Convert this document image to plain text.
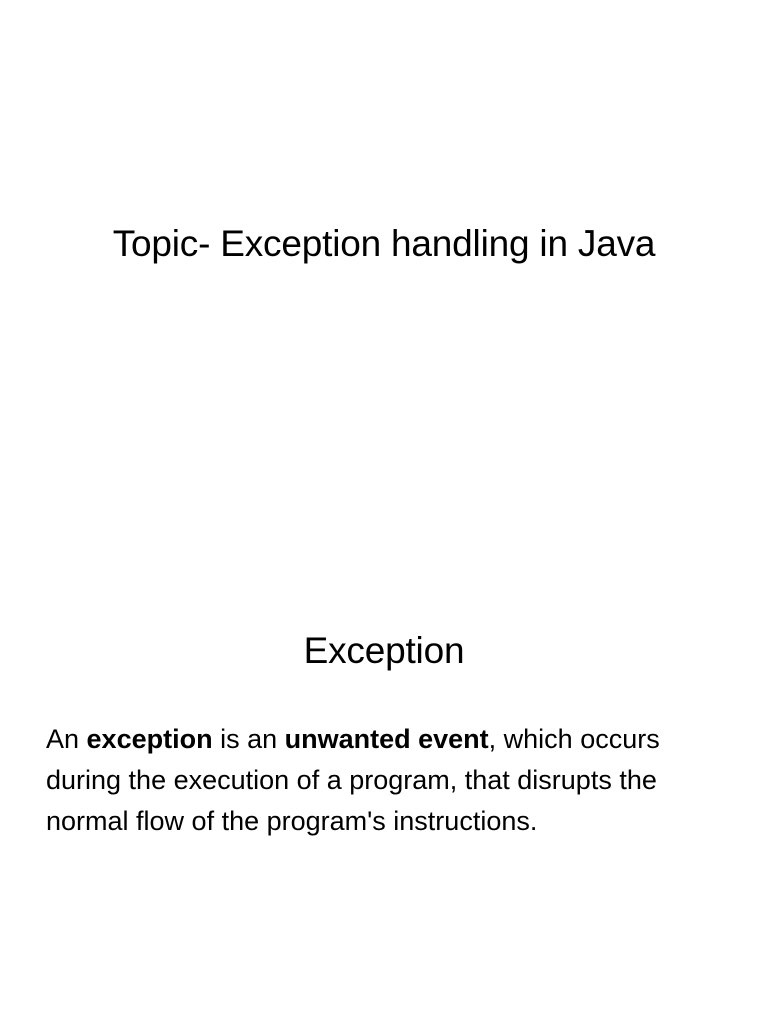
Topic- Exception handling in Java
Exception
An exception is an unwanted event, which occurs during the execution of a program, that disrupts the normal flow of the program's instructions.
